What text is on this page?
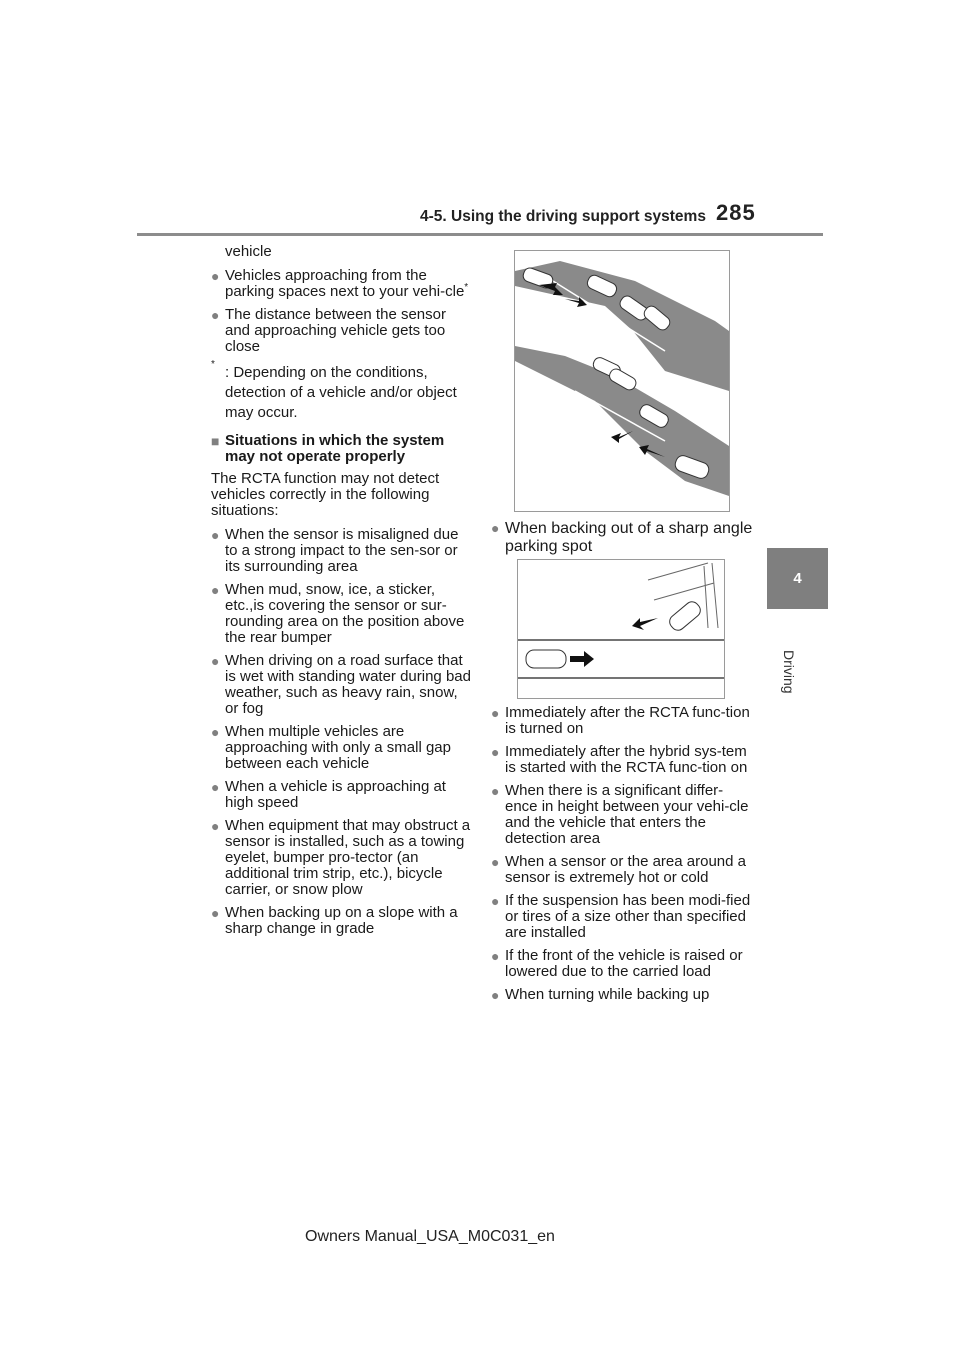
4-5. Using the driving support systems 285
4
Driving
vehicle
● Vehicles approaching from the parking spaces next to your vehi-cle*
● The distance between the sensor and approaching vehicle gets too close
* : Depending on the conditions, detection of a vehicle and/or object may occur.
■ Situations in which the system may not operate properly
The RCTA function may not detect vehicles correctly in the following situations:
● When the sensor is misaligned due to a strong impact to the sen-sor or its surrounding area
● When mud, snow, ice, a sticker, etc.,is covering the sensor or sur-rounding area on the position above the rear bumper
● When driving on a road surface that is wet with standing water during bad weather, such as heavy rain, snow, or fog
● When multiple vehicles are approaching with only a small gap between each vehicle
● When a vehicle is approaching at high speed
● When equipment that may obstruct a sensor is installed, such as a towing eyelet, bumper pro-tector (an additional trim strip, etc.), bicycle carrier, or snow plow
● When backing up on a slope with a sharp change in grade
● When backing out of a sharp angle parking spot
● Immediately after the RCTA func-tion is turned on
● Immediately after the hybrid sys-tem is started with the RCTA func-tion on
● When there is a significant differ-ence in height between your vehi-cle and the vehicle that enters the detection area
● When a sensor or the area around a sensor is extremely hot or cold
● If the suspension has been modi-fied or tires of a size other than specified are installed
● If the front of the vehicle is raised or lowered due to the carried load
● When turning while backing up
Owners Manual_USA_M0C031_en
